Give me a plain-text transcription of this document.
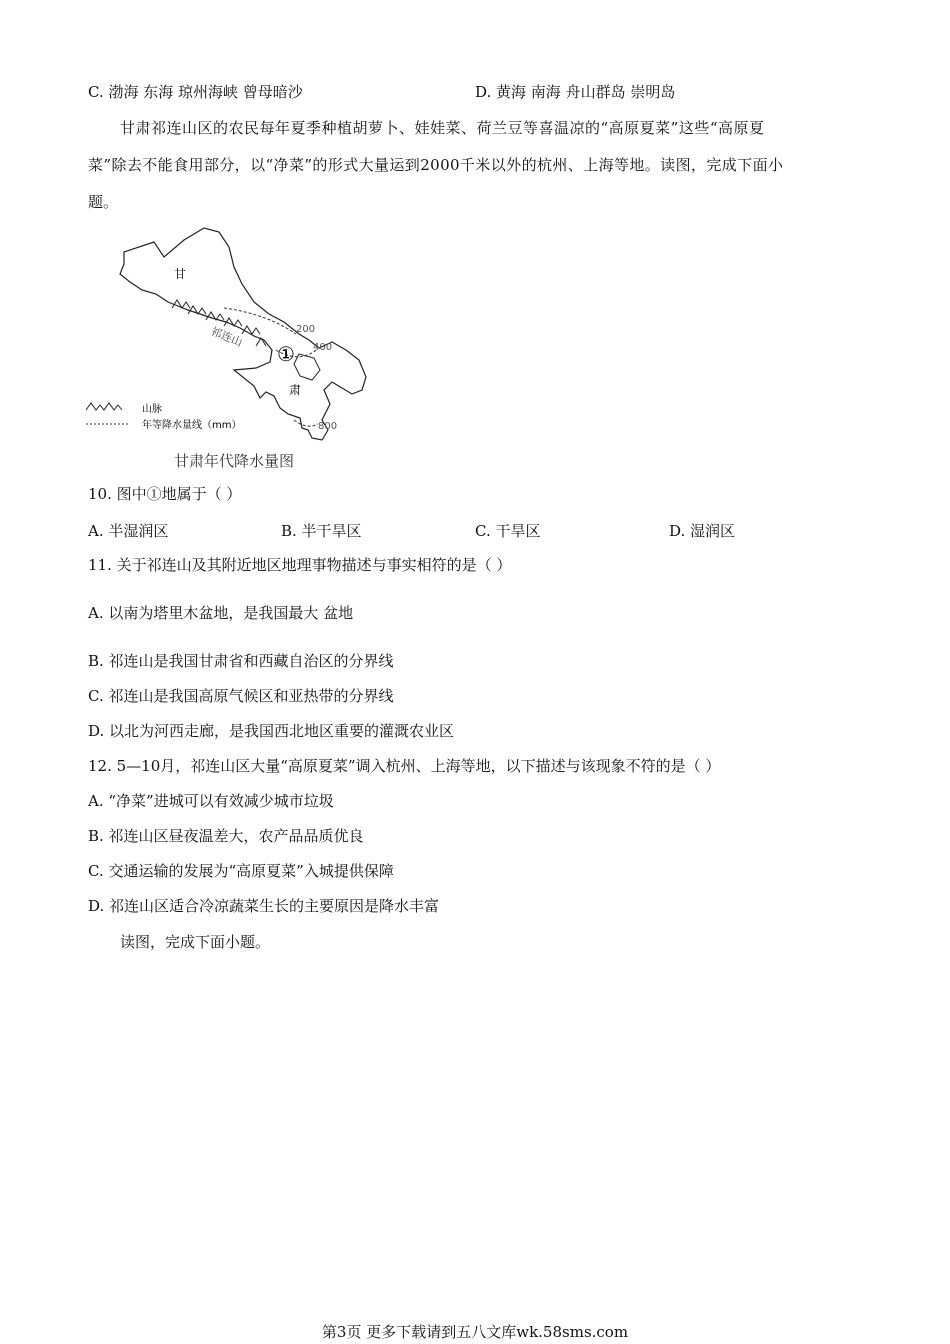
C. 渤海 东海 琼州海峡 曾母暗沙	D. 黄海 南海 舟山群岛 崇明岛
甘肃祁连山区的农民每年夏季种植胡萝卜、娃娃菜、荷兰豆等喜温凉的“高原夏菜”这些“高原夏
菜”除去不能食用部分，以“净菜”的形式大量运到2000千米以外的杭州、上海等地。读图，完成下面小
题。
甘
肃
祁连山
①
200
400
800
山脉
年等降水量线（mm）
甘肃年代降水量图
10. 图中①地属于（ ）
A. 半湿润区	B. 半干旱区	C. 干旱区	D. 湿润区
11. 关于祁连山及其附近地区地理事物描述与事实相符的是（ ）
A. 以南为塔里木盆地，是我国最大 盆地
B. 祁连山是我国甘肃省和西藏自治区的分界线
C. 祁连山是我国高原气候区和亚热带的分界线
D. 以北为河西走廊，是我国西北地区重要的灌溉农业区
12. 5—10月，祁连山区大量“高原夏菜”调入杭州、上海等地，以下描述与该现象不符的是（ ）
A. “净菜”进城可以有效减少城市垃圾
B. 祁连山区昼夜温差大，农产品品质优良
C. 交通运输的发展为“高原夏菜”入城提供保障
D. 祁连山区适合冷凉蔬菜生长的主要原因是降水丰富
读图，完成下面小题。
第3页 更多下载请到五八文库wk.58sms.com
